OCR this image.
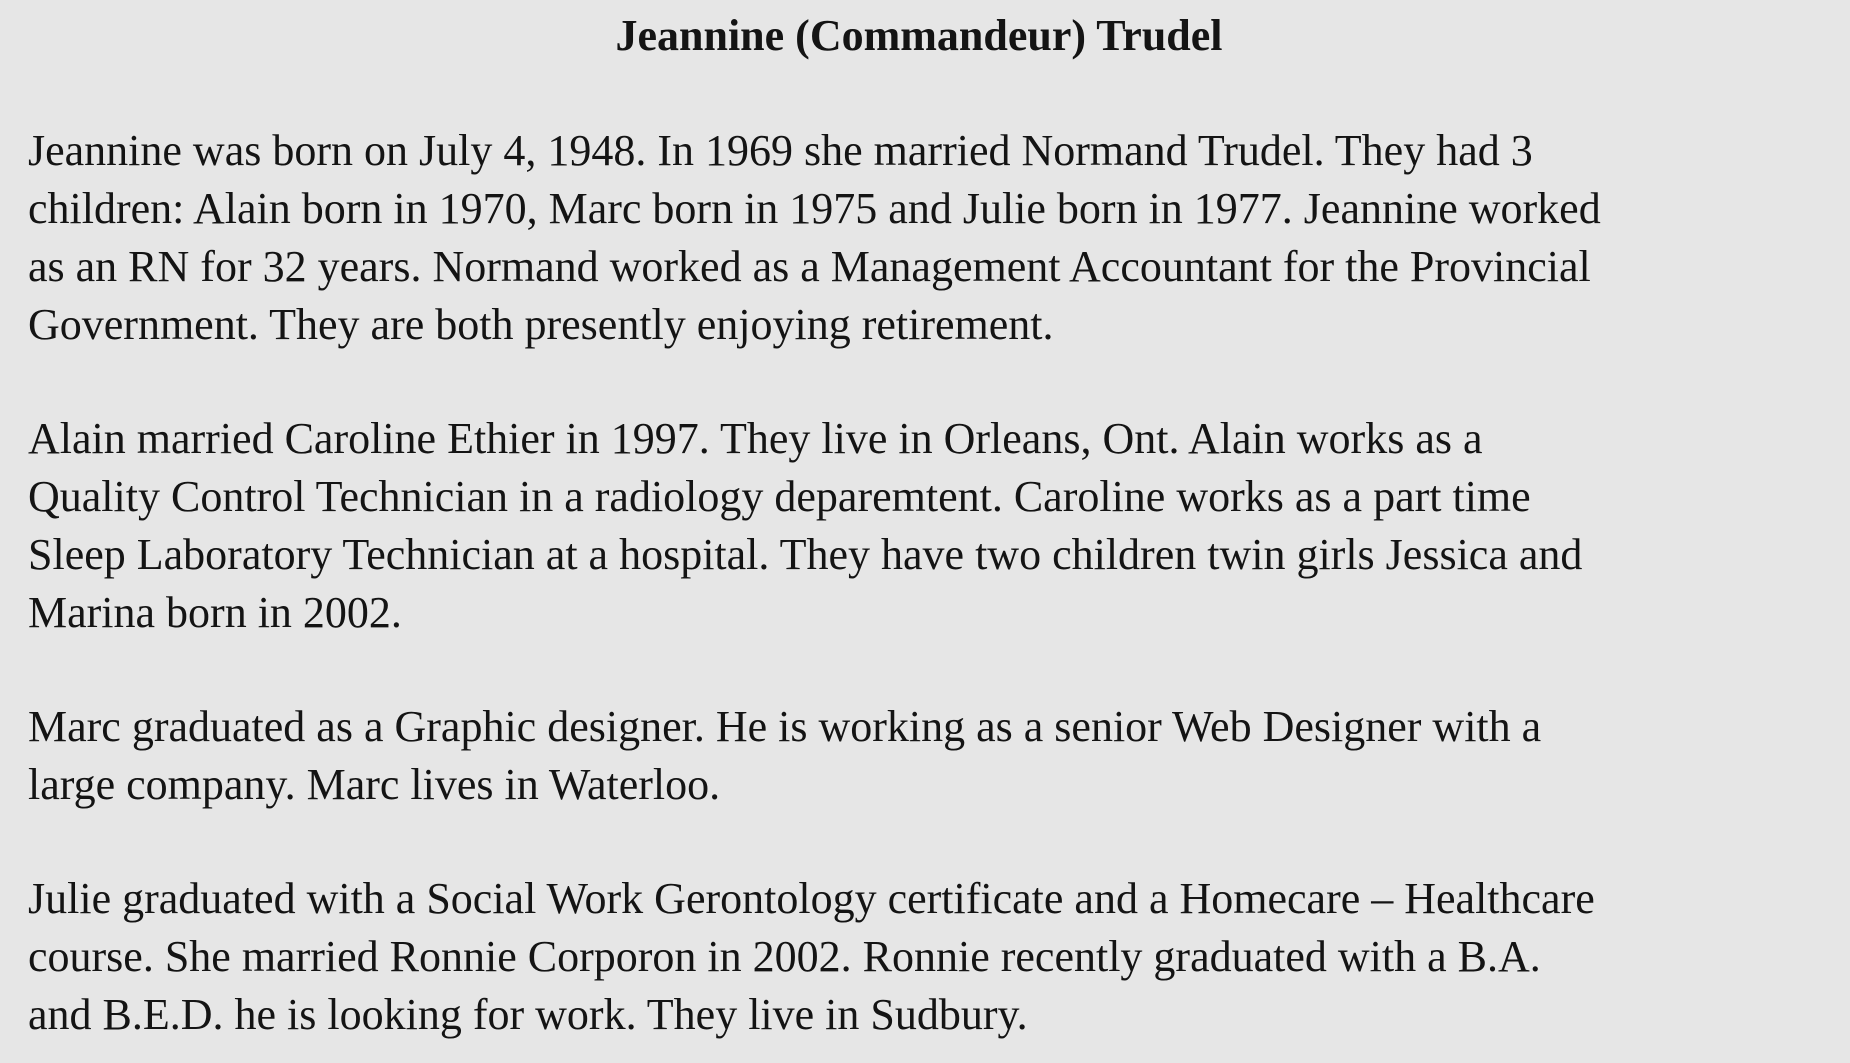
Jeannine (Commandeur) Trudel

Jeannine was born on July 4, 1948. In 1969 she married Normand Trudel. They had 3
children: Alain born in 1970, Marc born in 1975 and Julie born in 1977. Jeannine worked
as an RN for 32 years. Normand worked as a Management Accountant for the Provincial
Government. They are both presently enjoying retirement.

Alain married Caroline Ethier in 1997. They live in Orleans, Ont. Alain works as a
Quality Control Technician in a radiology deparemtent. Caroline works as a part time
Sleep Laboratory Technician at a hospital. They have two children twin girls Jessica and
Marina born in 2002.

Marc graduated as a Graphic designer. He is working as a senior Web Designer with a
large company. Marc lives in Waterloo.

Julie graduated with a Social Work Gerontology certificate and a Homecare – Healthcare
course. She married Ronnie Corporon in 2002. Ronnie recently graduated with a B.A.
and B.E.D. he is looking for work. They live in Sudbury.
